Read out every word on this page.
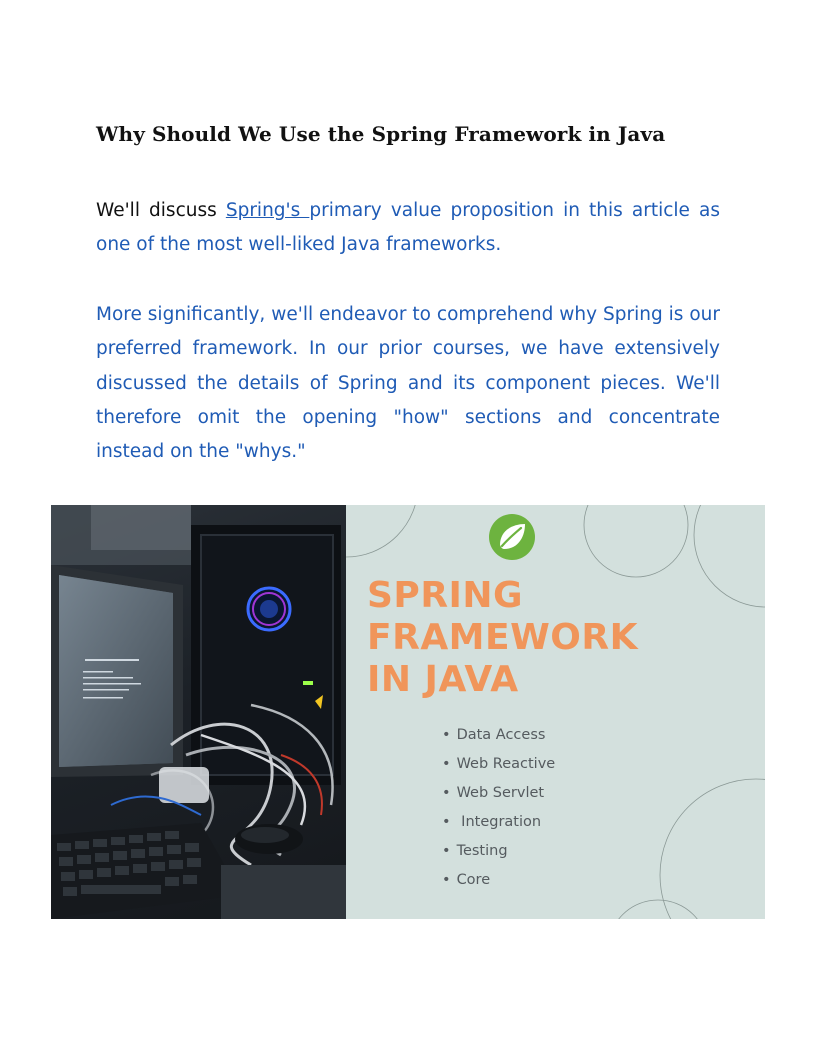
Why Should We Use the Spring Framework in Java

We'll discuss Spring's primary value proposition in this article as one of the most well-liked Java frameworks.

More significantly, we'll endeavor to comprehend why Spring is our preferred framework. In our prior courses, we have extensively discussed the details of Spring and its component pieces. We'll therefore omit the opening "how" sections and concentrate instead on the "whys."

SPRING
FRAMEWORK
IN JAVA
• Data Access
• Web Reactive
• Web Servlet
• Integration
• Testing
• Core
